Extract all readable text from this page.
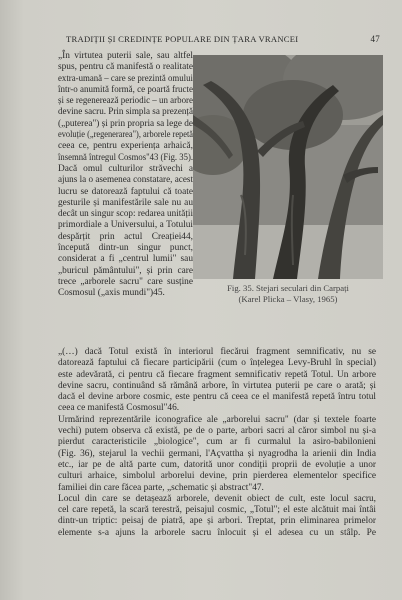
TRADIȚII ȘI CREDINȚE POPULARE DIN ȚARA VRANCEI	47
„În virtutea puterii sale, sau altfel
spus, pentru că manifestă o realitate
extra-umană – care se prezintă omului
într-o anumită formă, ce poartă fructe
și se regenerează periodic – un arbore
devine sacru. Prin simpla sa prezență
(„puterea") și prin propria sa lege de
evoluție („regenerarea"), arborele repetă
ceea ce, pentru experiența arhaică,
însemnă întregul Cosmos"43 (Fig. 35).
Dacă omul culturilor străvechi a
ajuns la o asemenea constatare, acest
lucru se datorează faptului că toate
gesturile și manifestările sale nu au
decât un singur scop: redarea unității
primordiale a Universului, a Totului
despărțit prin actul Creației44,
începută dintr-un singur punct,
considerat a fi „centrul lumii" sau
„buricul pământului", și prin care
trece „arborele sacru" care susține
Cosmosul („axis mundi")45.
Fig. 35. Stejari seculari din Carpați
(Karel Plicka – Vlasy, 1965)
„(…) dacă Totul există în interiorul fiecărui fragment semnificativ, nu se
datorează faptului că fiecare participării (cum o înțelegea Levy-Bruhl în special)
este adevărată, ci pentru că fiecare fragment semnificativ repetă Totul. Un arbore
devine sacru, continuând să rămână arbore, în virtutea puterii pe care o arată; și
dacă el devine arbore cosmic, este pentru că ceea ce el manifestă repetă întru totul
ceea ce manifestă Cosmosul"46.
Urmărind reprezentările iconografice ale „arborelui sacru" (dar și textele foarte
vechi) putem observa că există, pe de o parte, arbori sacri al căror simbol nu și-a
pierdut caracteristicile „biologice", cum ar fi curmalul la asiro-babilonieni
(Fig. 36), stejarul la vechii germani, l'Açvattha și nyagrodha la arienii din India
etc., iar pe de altă parte cum, datorită unor condiții proprii de evoluție a unor
culturi arhaice, simbolul arborelui devine, prin pierderea elementelor specifice
familiei din care făcea parte, „schematic și abstract"47.
Locul din care se detașează arborele, devenit obiect de cult, este locul sacru,
cel care repetă, la scară terestră, peisajul cosmic, „Totul"; el este alcătuit mai întâi
dintr-un triptic: peisaj de piatră, ape și arbori. Treptat, prin eliminarea primelor
elemente s-a ajuns la arborele sacru înlocuit și el adesea cu un stâlp. Pe
